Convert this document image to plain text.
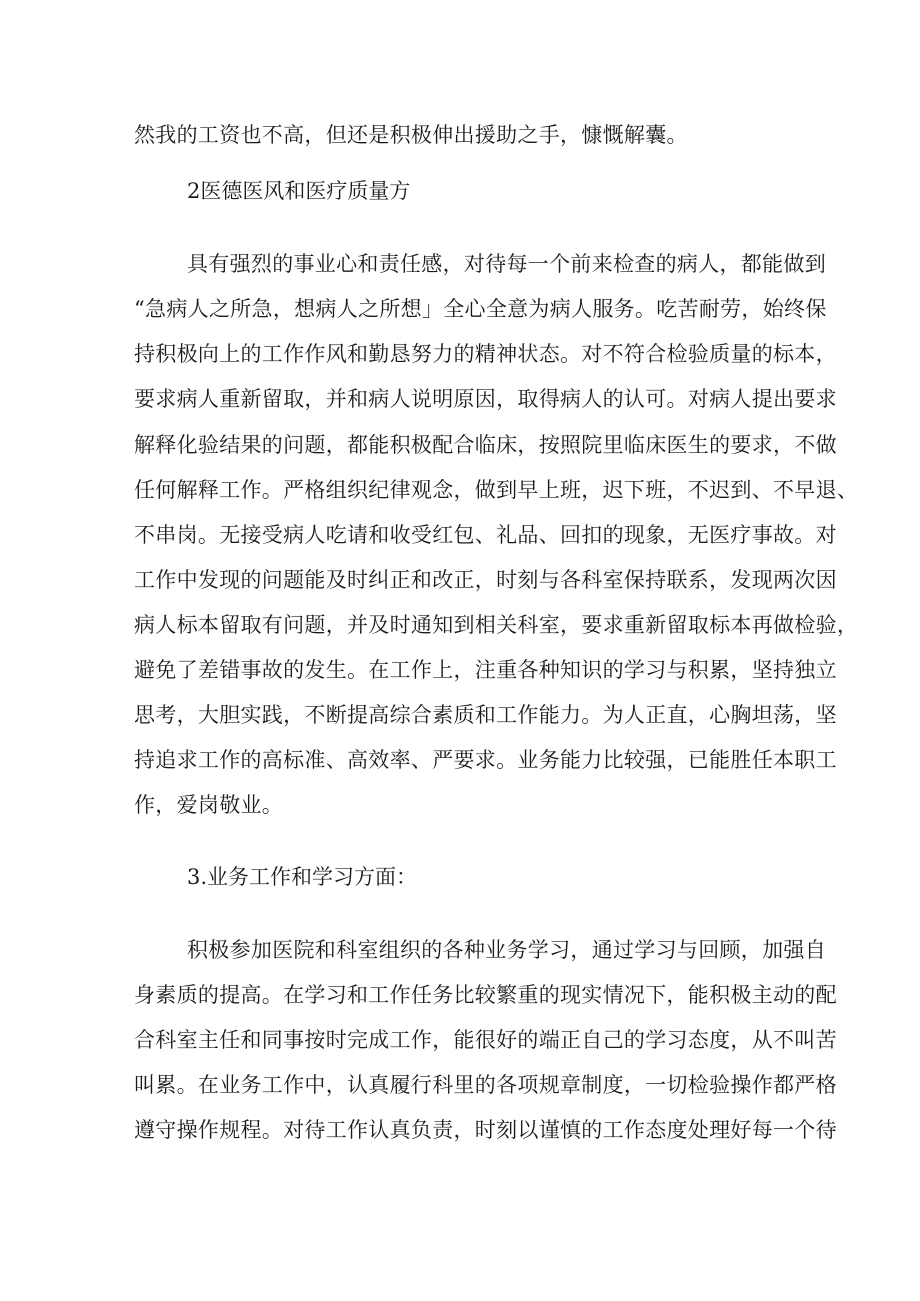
然我的工资也不高，但还是积极伸出援助之手，慷慨解囊。
2医德医风和医疗质量方
具有强烈的事业心和责任感，对待每一个前来检查的病人，都能做到
“急病人之所急，想病人之所想」全心全意为病人服务。吃苦耐劳，始终保
持积极向上的工作作风和勤恳努力的精神状态。对不符合检验质量的标本，
要求病人重新留取，并和病人说明原因，取得病人的认可。对病人提出要求
解释化验结果的问题，都能积极配合临床，按照院里临床医生的要求，不做
任何解释工作。严格组织纪律观念，做到早上班，迟下班，不迟到、不早退、
不串岗。无接受病人吃请和收受红包、礼品、回扣的现象，无医疗事故。对
工作中发现的问题能及时纠正和改正，时刻与各科室保持联系，发现两次因
病人标本留取有问题，并及时通知到相关科室，要求重新留取标本再做检验，
避免了差错事故的发生。在工作上，注重各种知识的学习与积累，坚持独立
思考，大胆实践，不断提高综合素质和工作能力。为人正直，心胸坦荡，坚
持追求工作的高标准、高效率、严要求。业务能力比较强，已能胜任本职工
作，爱岗敬业。
3.业务工作和学习方面：
积极参加医院和科室组织的各种业务学习，通过学习与回顾，加强自
身素质的提高。在学习和工作任务比较繁重的现实情况下，能积极主动的配
合科室主任和同事按时完成工作，能很好的端正自己的学习态度，从不叫苦
叫累。在业务工作中，认真履行科里的各项规章制度，一切检验操作都严格
遵守操作规程。对待工作认真负责，时刻以谨慎的工作态度处理好每一个待
